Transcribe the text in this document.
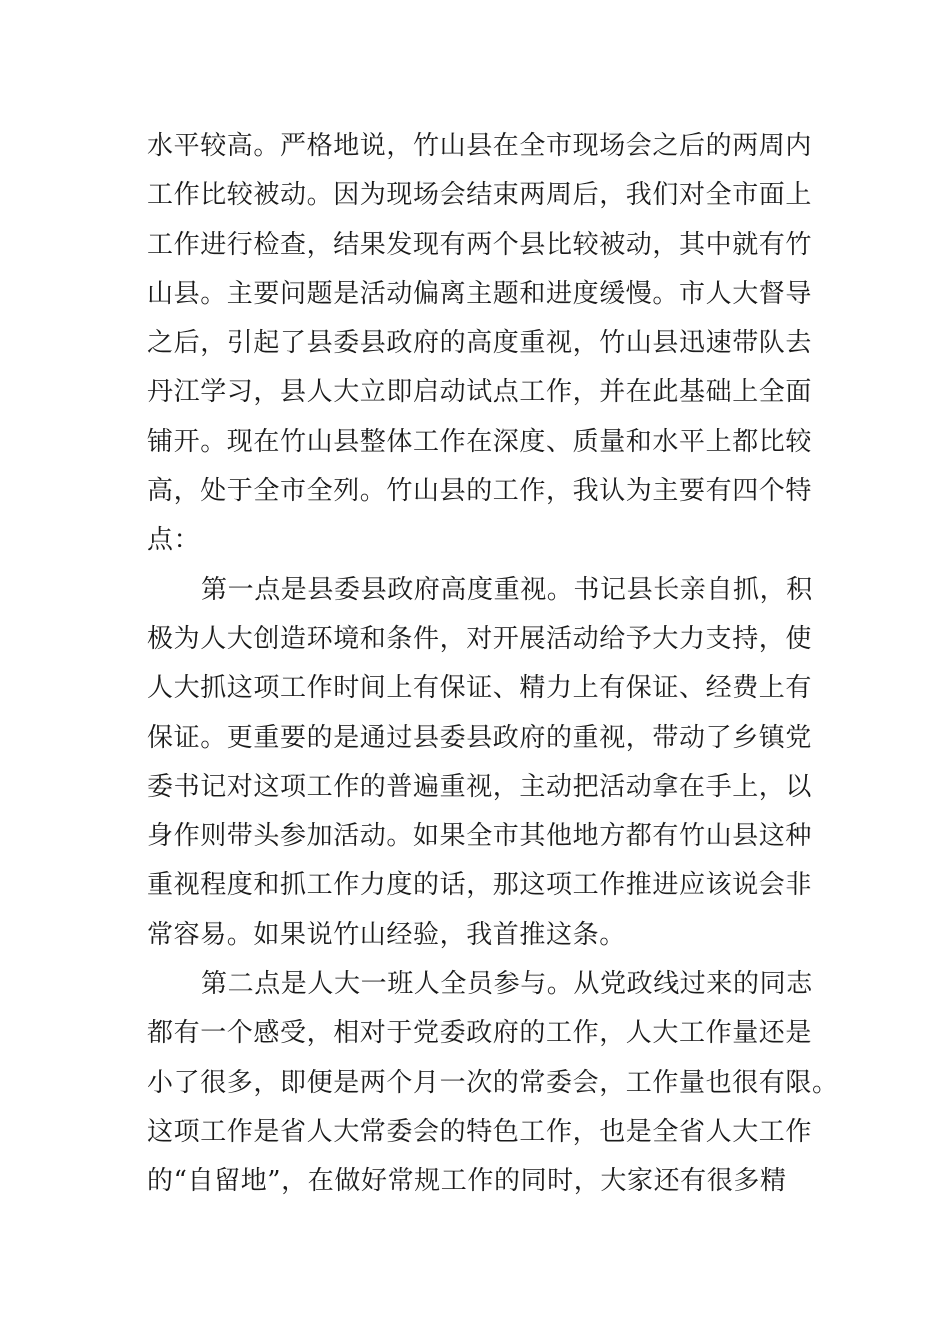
水平较高。严格地说，竹山县在全市现场会之后的两周内
工作比较被动。因为现场会结束两周后，我们对全市面上
工作进行检查，结果发现有两个县比较被动，其中就有竹
山县。主要问题是活动偏离主题和进度缓慢。市人大督导
之后，引起了县委县政府的高度重视，竹山县迅速带队去
丹江学习，县人大立即启动试点工作，并在此基础上全面
铺开。现在竹山县整体工作在深度、质量和水平上都比较
高，处于全市全列。竹山县的工作，我认为主要有四个特
点：
第一点是县委县政府高度重视。书记县长亲自抓，积
极为人大创造环境和条件，对开展活动给予大力支持，使
人大抓这项工作时间上有保证、精力上有保证、经费上有
保证。更重要的是通过县委县政府的重视，带动了乡镇党
委书记对这项工作的普遍重视，主动把活动拿在手上，以
身作则带头参加活动。如果全市其他地方都有竹山县这种
重视程度和抓工作力度的话，那这项工作推进应该说会非
常容易。如果说竹山经验，我首推这条。
第二点是人大一班人全员参与。从党政线过来的同志
都有一个感受，相对于党委政府的工作，人大工作量还是
小了很多，即便是两个月一次的常委会，工作量也很有限。
这项工作是省人大常委会的特色工作，也是全省人大工作
的“自留地”，在做好常规工作的同时，大家还有很多精
